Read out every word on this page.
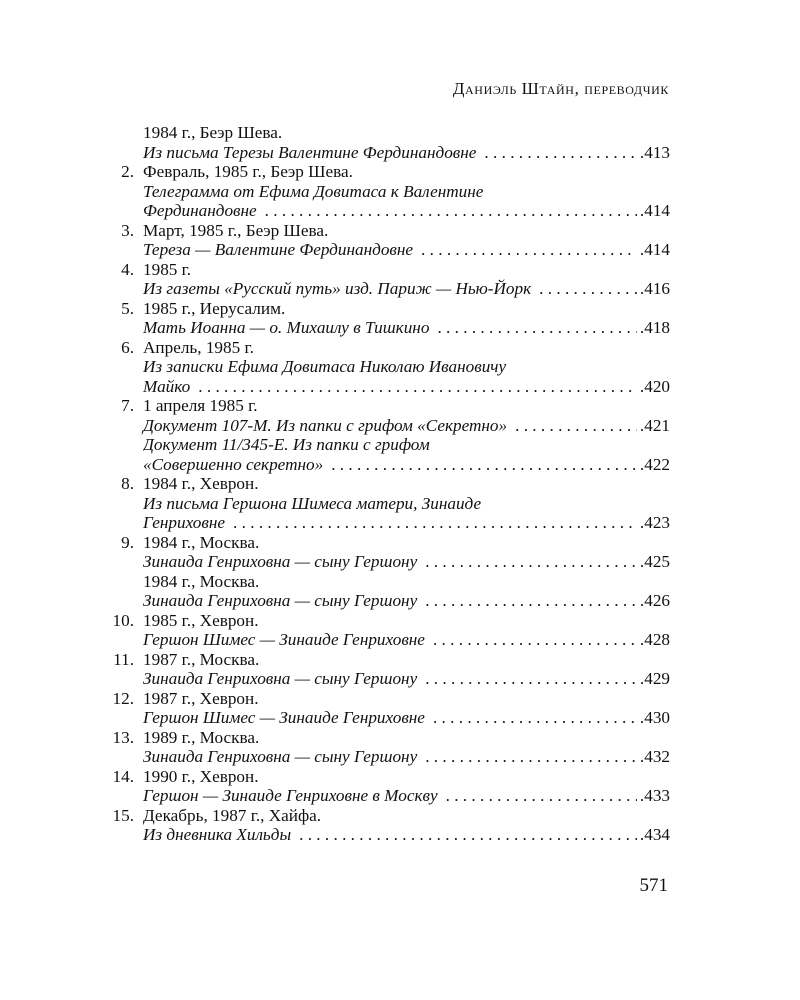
Даниэль Штайн, переводчик
1984 г., Беэр Шева.
Из письма Терезы Валентине Фердинандовне . . .	.413
2. Февраль, 1985 г., Беэр Шева.
Телеграмма от Ефима Довитаса к Валентине
Фердинандовне . . .	.414
3. Март, 1985 г., Беэр Шева.
Тереза — Валентине Фердинандовне . . .	.414
4. 1985 г.
Из газеты «Русский путь» изд. Париж — Нью-Йорк . . .	.416
5. 1985 г., Иерусалим.
Мать Иоанна — о. Михаилу в Тишкино . . .	.418
6. Апрель, 1985 г.
Из записки Ефима Довитаса Николаю Ивановичу
Майко . . .	.420
7. 1 апреля 1985 г.
Документ 107-М. Из папки с грифом «Секретно» . . .	.421
Документ 11/345-Е. Из папки с грифом
«Совершенно секретно» . . .	.422
8. 1984 г., Хеврон.
Из письма Гершона Шимеса матери, Зинаиде
Генриховне . . .	.423
9. 1984 г., Москва.
Зинаида Генриховна — сыну Гершону . . .	.425
1984 г., Москва.
Зинаида Генриховна — сыну Гершону . . .	.426
10. 1985 г., Хеврон.
Гершон Шимес — Зинаиде Генриховне . . .	.428
11. 1987 г., Москва.
Зинаида Генриховна — сыну Гершону . . .	.429
12. 1987 г., Хеврон.
Гершон Шимес — Зинаиде Генриховне . . .	.430
13. 1989 г., Москва.
Зинаида Генриховна — сыну Гершону . . .	.432
14. 1990 г., Хеврон.
Гершон — Зинаиде Генриховне в Москву . . .	.433
15. Декабрь, 1987 г., Хайфа.
Из дневника Хильды . . .	.434
571
